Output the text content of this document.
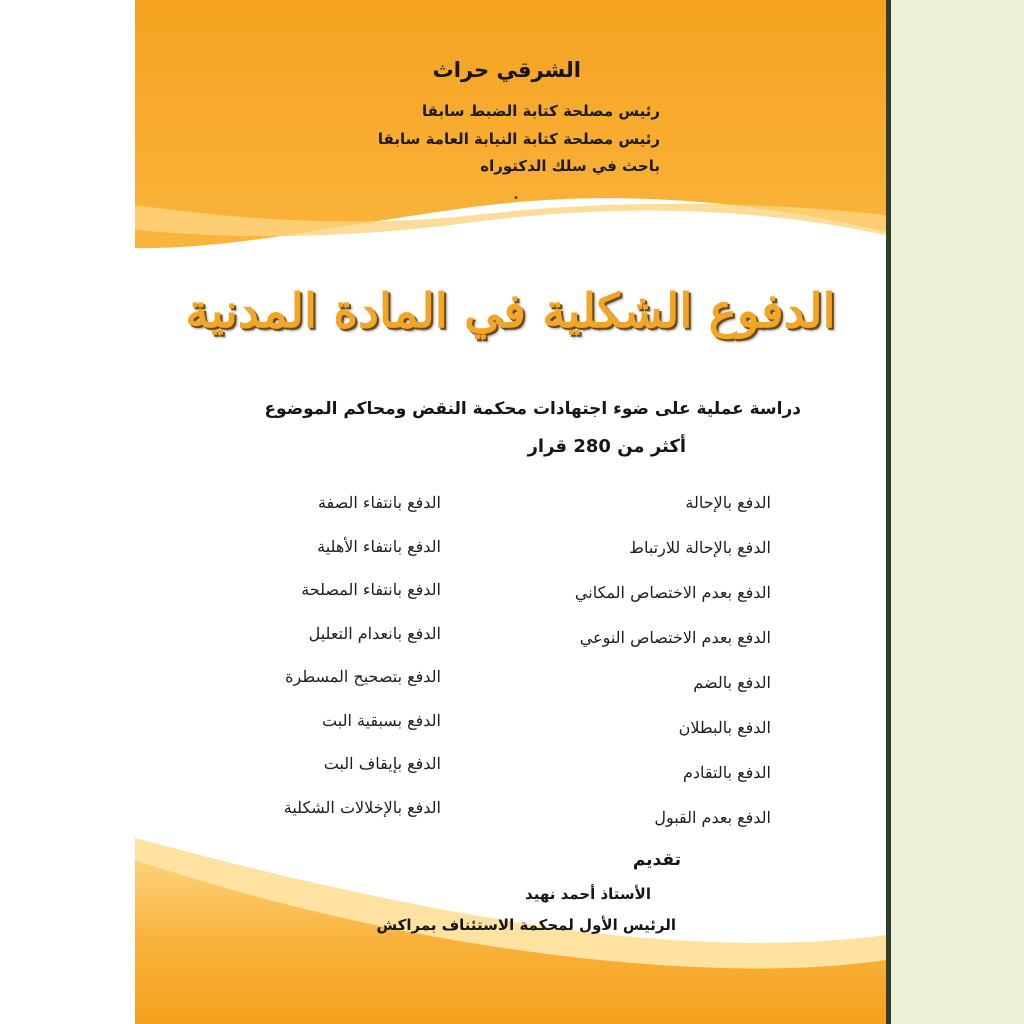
الشرقي حراث
رئيس مصلحة كتابة الضبط سابقا
رئيس مصلحة كتابة النيابة العامة سابقا
باحث في سلك الدكتوراه
•
الدفوع الشكلية في المادة المدنية
دراسة عملية على ضوء اجتهادات محكمة النقض ومحاكم الموضوع
أكثر من 280 قرار
الدفع بالإحالة
الدفع بالإحالة للارتباط
الدفع بعدم الاختصاص المكاني
الدفع بعدم الاختصاص النوعي
الدفع بالضم
الدفع بالبطلان
الدفع بالتقادم
الدفع بعدم القبول
الدفع بانتفاء الصفة
الدفع بانتفاء الأهلية
الدفع بانتفاء المصلحة
الدفع بانعدام التعليل
الدفع بتصحيح المسطرة
الدفع بسبقية البت
الدفع بإيقاف البت
الدفع بالإخلالات الشكلية
تقديم
الأستاذ أحمد نهيد
الرئيس الأول لمحكمة الاستئناف بمراكش
